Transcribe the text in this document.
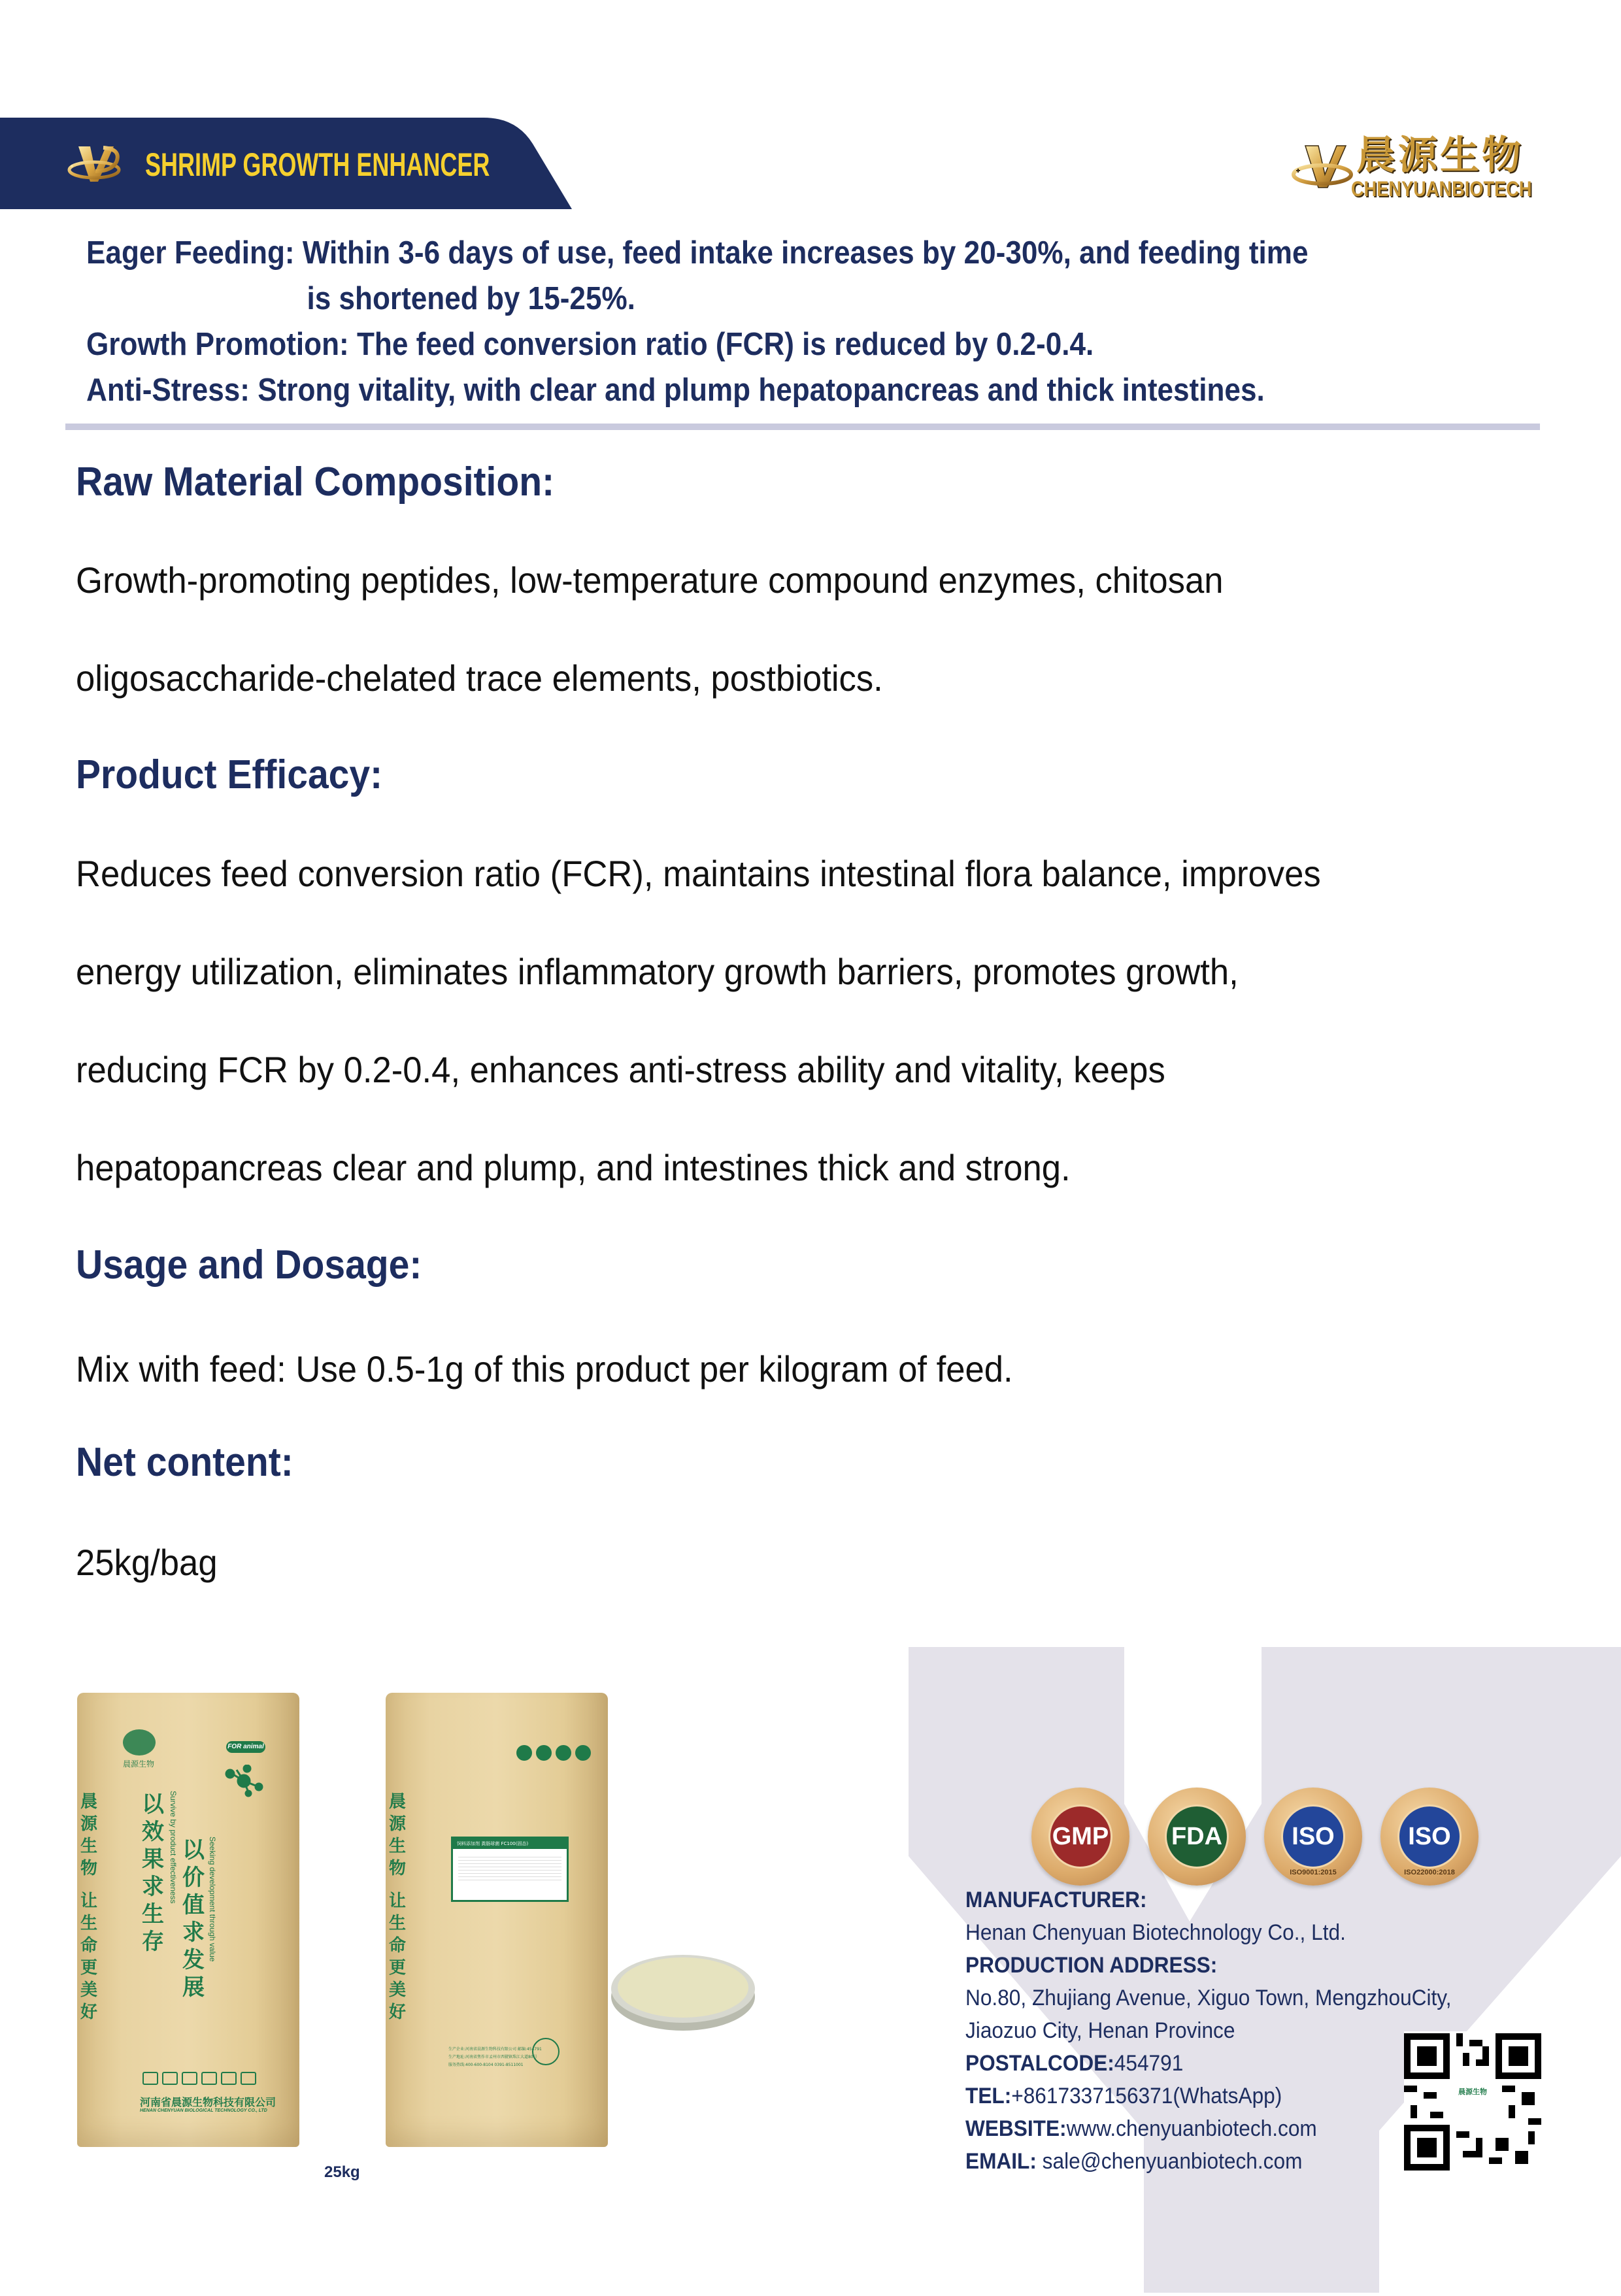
SHRIMP GROWTH ENHANCER	晨源生物
CHENYUANBIOTECH
Eager Feeding: Within 3-6 days of use, feed intake increases by 20-30%, and feeding time
is shortened by 15-25%.
Growth Promotion: The feed conversion ratio (FCR) is reduced by 0.2-0.4.
Anti-Stress: Strong vitality, with clear and plump hepatopancreas and thick intestines.
Raw Material Composition:
Growth-promoting peptides, low-temperature compound enzymes, chitosan
oligosaccharide-chelated trace elements, postbiotics.
Product Efficacy:
Reduces feed conversion ratio (FCR), maintains intestinal flora balance, improves
energy utilization, eliminates inflammatory growth barriers, promotes growth,
reducing FCR by 0.2-0.4, enhances anti-stress ability and vitality, keeps
hepatopancreas clear and plump, and intestines thick and strong.
Usage and Dosage:
Mix with feed: Use 0.5-1g of this product per kilogram of feed.
Net content:
25kg/bag
晨源生物
FOR animal
晨源生物
让生命更美好
以效果求生存
Survive by product effectiveness 以价值求发展
Seeking development through value
河南省晨源生物科技有限公司
HENAN CHENYUAN BIOLOGICAL TECHNOLOGY CO., LTD
晨源生物
让生命更美好
饲料添加剂 粪肠球菌 FC100(固态)
生产企业:河南省晨源生物科技有限公司 邮编:454791
生产地址:河南省焦作市孟州市西虢镇珠江大道80号
服务热线:400-600-8104 0391-8511001
25kg
GMP	FDA	ISO
ISO9001:2015
ISO
ISO22000:2018
MANUFACTURER:
Henan Chenyuan Biotechnology Co., Ltd.
PRODUCTION ADDRESS:
No.80, Zhujiang Avenue, Xiguo Town, MengzhouCity,
Jiaozuo City, Henan Province
POSTALCODE:454791
TEL:+8617337156371(WhatsApp)
WEBSITE:www.chenyuanbiotech.com
EMAIL: sale@chenyuanbiotech.com
晨源生物
